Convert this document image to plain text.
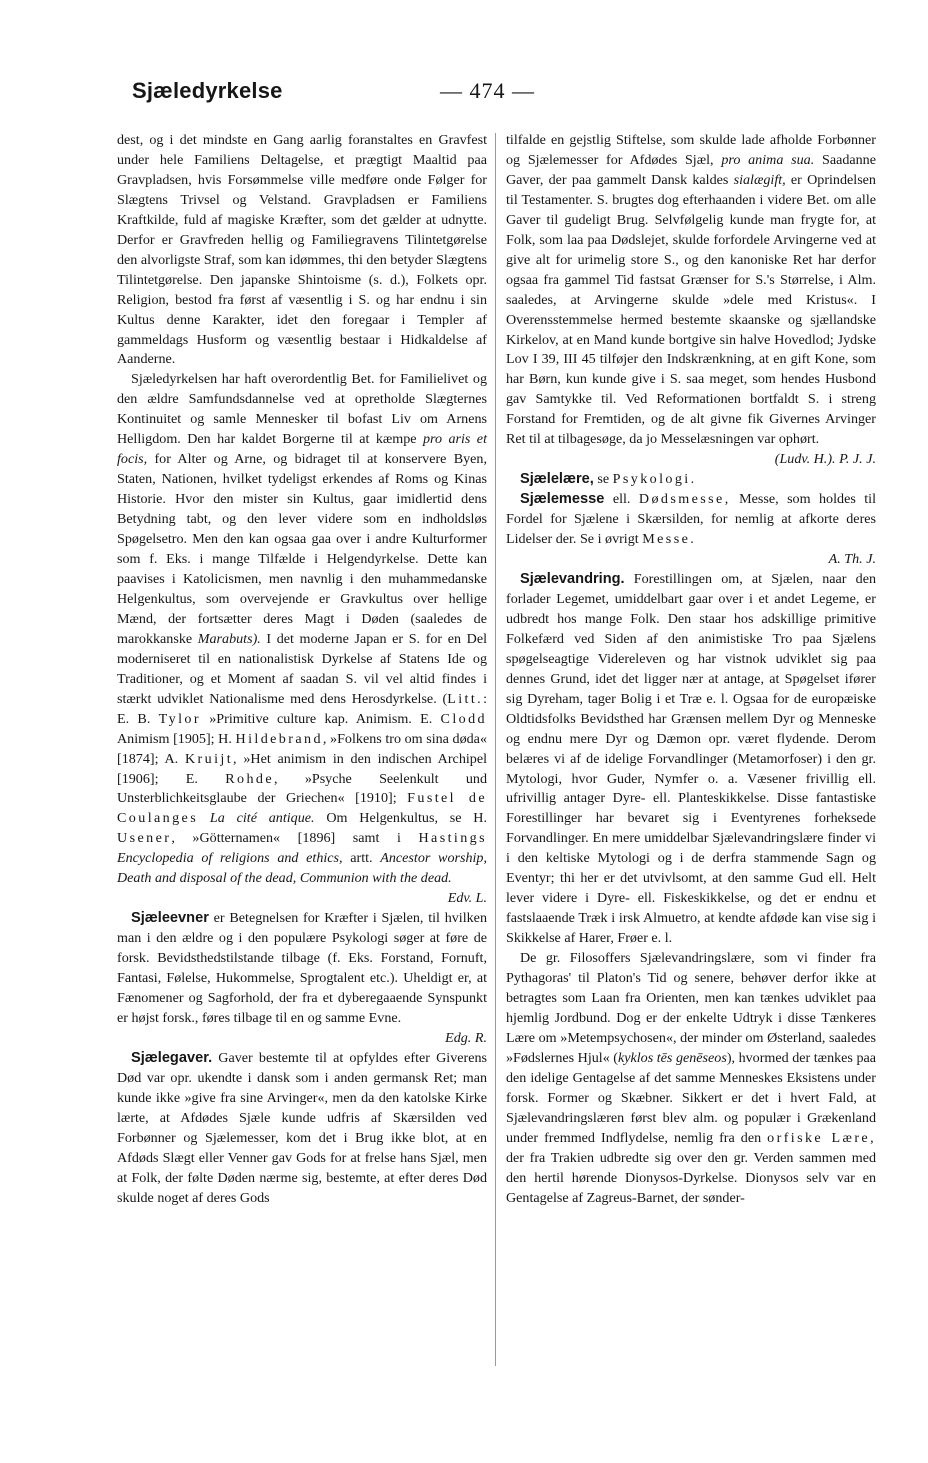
Sjæledyrkelse	— 474 —

dest, og i det mindste en Gang aarlig foranstaltes en Gravfest under hele Familiens Deltagelse, et prægtigt Maaltid paa Gravpladsen, hvis Forsømmelse ville medføre onde Følger for Slægtens Trivsel og Velstand. Gravpladsen er Familiens Kraftkilde, fuld af magiske Kræfter, som det gælder at udnytte. Derfor er Gravfreden hellig og Familiegravens Tilintetgørelse den alvorligste Straf, som kan idømmes, thi den betyder Slægtens Tilintetgørelse. Den japanske Shintoisme (s. d.), Folkets opr. Religion, bestod fra først af væsentlig i S. og har endnu i sin Kultus denne Karakter, idet den foregaar i Templer af gammeldags Husform og væsentlig bestaar i Hidkaldelse af Aanderne.

Sjæledyrkelsen har haft overordentlig Bet. for Familielivet og den ældre Samfundsdannelse ved at opretholde Slægternes Kontinuitet og samle Mennesker til bofast Liv om Arnens Helligdom. Den har kaldet Borgerne til at kæmpe pro aris et focis, for Alter og Arne, og bidraget til at konservere Byen, Staten, Nationen, hvilket tydeligst erkendes af Roms og Kinas Historie. Hvor den mister sin Kultus, gaar imidlertid dens Betydning tabt, og den lever videre som en indholdsløs Spøgelsetro. Men den kan ogsaa gaa over i andre Kulturformer som f. Eks. i mange Tilfælde i Helgendyrkelse. Dette kan paavises i Katolicismen, men navnlig i den muhammedanske Helgenkultus, som overvejende er Gravkultus over hellige Mænd, der fortsætter deres Magt i Døden (saaledes de marokkanske Marabuts). I det moderne Japan er S. for en Del moderniseret til en nationalistisk Dyrkelse af Statens Ide og Traditioner, og et Moment af saadan S. vil vel altid findes i stærkt udviklet Nationalisme med dens Herosdyrkelse. (Litt.: E. B. Tylor »Primitive culture kap. Animism. E. Clodd Animism [1905]; H. Hildebrand, »Folkens tro om sina døda« [1874]; A. Kruijt, »Het animism in den indischen Archipel [1906]; E. Rohde, »Psyche Seelenkult und Unsterblichkeitsglaube der Griechen« [1910]; Fustel de Coulanges La cité antique. Om Helgenkultus, se H. Usener, »Götternamen« [1896] samt i Hastings Encyclopedia of religions and ethics, artt. Ancestor worship, Death and disposal of the dead, Communion with the dead.

Edv. L.

Sjæleevner er Betegnelsen for Kræfter i Sjælen, til hvilken man i den ældre og i den populære Psykologi søger at føre de forsk. Bevidsthedstilstande tilbage (f. Eks. Forstand, Fornuft, Fantasi, Følelse, Hukommelse, Sprogtalent etc.). Uheldigt er, at Fænomener og Sagforhold, der fra et dyberegaaende Synspunkt er højst forsk., føres tilbage til en og samme Evne.

Edg. R.

Sjælegaver. Gaver bestemte til at opfyldes efter Giverens Død var opr. ukendte i dansk som i anden germansk Ret; man kunde ikke »give fra sine Arvinger«, men da den katolske Kirke lærte, at Afdødes Sjæle kunde udfris af Skærsilden ved Forbønner og Sjælemesser, kom det i Brug ikke blot, at en Afdøds Slægt eller Venner gav Gods for at frelse hans Sjæl, men at Folk, der følte Døden nærme sig, bestemte, at efter deres Død skulde noget af deres Gods

tilfalde en gejstlig Stiftelse, som skulde lade afholde Forbønner og Sjælemesser for Afdødes Sjæl, pro anima sua. Saadanne Gaver, der paa gammelt Dansk kaldes sialægift, er Oprindelsen til Testamenter. S. brugtes dog efterhaanden i videre Bet. om alle Gaver til gudeligt Brug. Selvfølgelig kunde man frygte for, at Folk, som laa paa Dødslejet, skulde forfordele Arvingerne ved at give alt for urimelig store S., og den kanoniske Ret har derfor ogsaa fra gammel Tid fastsat Grænser for S.'s Størrelse, i Alm. saaledes, at Arvingerne skulde »dele med Kristus«. I Overensstemmelse hermed bestemte skaanske og sjællandske Kirkelov, at en Mand kunde bortgive sin halve Hovedlod; Jydske Lov I 39, III 45 tilføjer den Indskrænkning, at en gift Kone, som har Børn, kun kunde give i S. saa meget, som hendes Husbond gav Samtykke til. Ved Reformationen bortfaldt S. i streng Forstand for Fremtiden, og de alt givne fik Givernes Arvinger Ret til at tilbagesøge, da jo Messelæsningen var ophørt.

(Ludv. H.). P. J. J.

Sjælelære, se Psykologi.

Sjælemesse ell. Dødsmesse, Messe, som holdes til Fordel for Sjælene i Skærsilden, for nemlig at afkorte deres Lidelser der. Se i øvrigt Messe.

A. Th. J.

Sjælevandring. Forestillingen om, at Sjælen, naar den forlader Legemet, umiddelbart gaar over i et andet Legeme, er udbredt hos mange Folk. Den staar hos adskillige primitive Folkefærd ved Siden af den animistiske Tro paa Sjælens spøgelseagtige Videreleven og har vistnok udviklet sig paa dennes Grund, idet det ligger nær at antage, at Spøgelset ifører sig Dyreham, tager Bolig i et Træ e. l. Ogsaa for de europæiske Oldtidsfolks Bevidsthed har Grænsen mellem Dyr og Menneske og endnu mere Dyr og Dæmon opr. været flydende. Derom belæres vi af de idelige Forvandlinger (Metamorfoser) i den gr. Mytologi, hvor Guder, Nymfer o. a. Væsener frivillig ell. ufrivillig antager Dyre- ell. Planteskikkelse. Disse fantastiske Forestillinger har bevaret sig i Eventyrenes forheksede Forvandlinger. En mere umiddelbar Sjælevandringslære finder vi i den keltiske Mytologi og i de derfra stammende Sagn og Eventyr; thi her er det utvivlsomt, at den samme Gud ell. Helt lever videre i Dyre- ell. Fiskeskikkelse, og det er endnu et fastslaaende Træk i irsk Almuetro, at kendte afdøde kan vise sig i Skikkelse af Harer, Frøer e. l.

De gr. Filosoffers Sjælevandringslære, som vi finder fra Pythagoras' til Platon's Tid og senere, behøver derfor ikke at betragtes som Laan fra Orienten, men kan tænkes udviklet paa hjemlig Jordbund. Dog er der enkelte Udtryk i disse Tænkeres Lære om »Metempsychosen«, der minder om Østerland, saaledes »Fødslernes Hjul« (kyklos tēs genēseos), hvormed der tænkes paa den idelige Gentagelse af det samme Menneskes Eksistens under forsk. Former og Skæbner. Sikkert er det i hvert Fald, at Sjælevandringslæren først blev alm. og populær i Grækenland under fremmed Indflydelse, nemlig fra den orfiske Lære, der fra Trakien udbredte sig over den gr. Verden sammen med den hertil hørende Dionysos-Dyrkelse. Dionysos selv var en Gentagelse af Zagreus-Barnet, der sønder-
